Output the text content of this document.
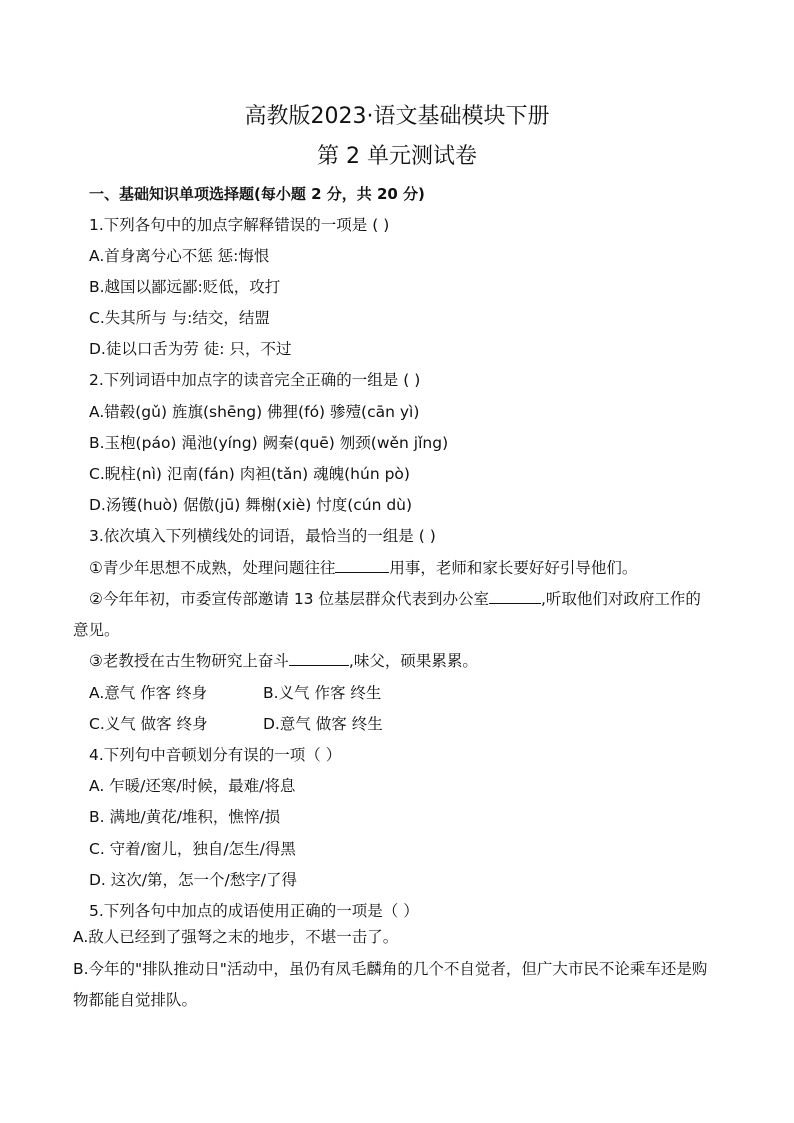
高教版2023·语文基础模块下册
第 2 单元测试卷
一、基础知识单项选择题(每小题 2 分，共 20 分)
1.下列各句中的加点字解释错误的一项是 ( )
A.首身离兮心不惩 惩:悔恨
B.越国以鄙远鄙:贬低，攻打
C.失其所与 与:结交，结盟
D.徒以口舌为劳 徒: 只，不过
2.下列词语中加点字的读音完全正确的一组是 ( )
A.错毂(gǔ) 旌旗(shēng) 佛狸(fó) 骖殪(cān yì)
B.玉枹(páo) 渑池(yíng) 阙秦(quē) 刎颈(wěn jǐng)
C.睨柱(nì) 氾南(fán) 肉袒(tǎn) 魂魄(hún pò)
D.汤镬(huò) 倨傲(jū) 舞榭(xiè) 忖度(cún dù)
3.依次填入下列横线处的词语，最恰当的一组是 ( )
①青少年思想不成熟，处理问题往往	用事，老师和家长要好好引导他们。
②今年年初，市委宣传部邀请 13 位基层群众代表到办公室	,听取他们对政府工作的
意见。
③老教授在古生物研究上奋斗	,味父，硕果累累。
A.意气 作客 终身	B.义气 作客 终生
C.义气 做客 终身	D.意气 做客 终生
4.下列句中音顿划分有误的一项（ ）
A. 乍暖/还寒/时候，最难/将息
B. 满地/黄花/堆积，憔悴/损
C. 守着/窗儿，独自/怎生/得黑
D. 这次/第，怎一个/愁字/了得
5.下列各句中加点的成语使用正确的一项是（ ）
A.敌人已经到了强弩之末的地步，不堪一击了。
B.今年的"排队推动日"活动中，虽仍有凤毛麟角的几个不自觉者，但广大市民不论乘车还是购
物都能自觉排队。
